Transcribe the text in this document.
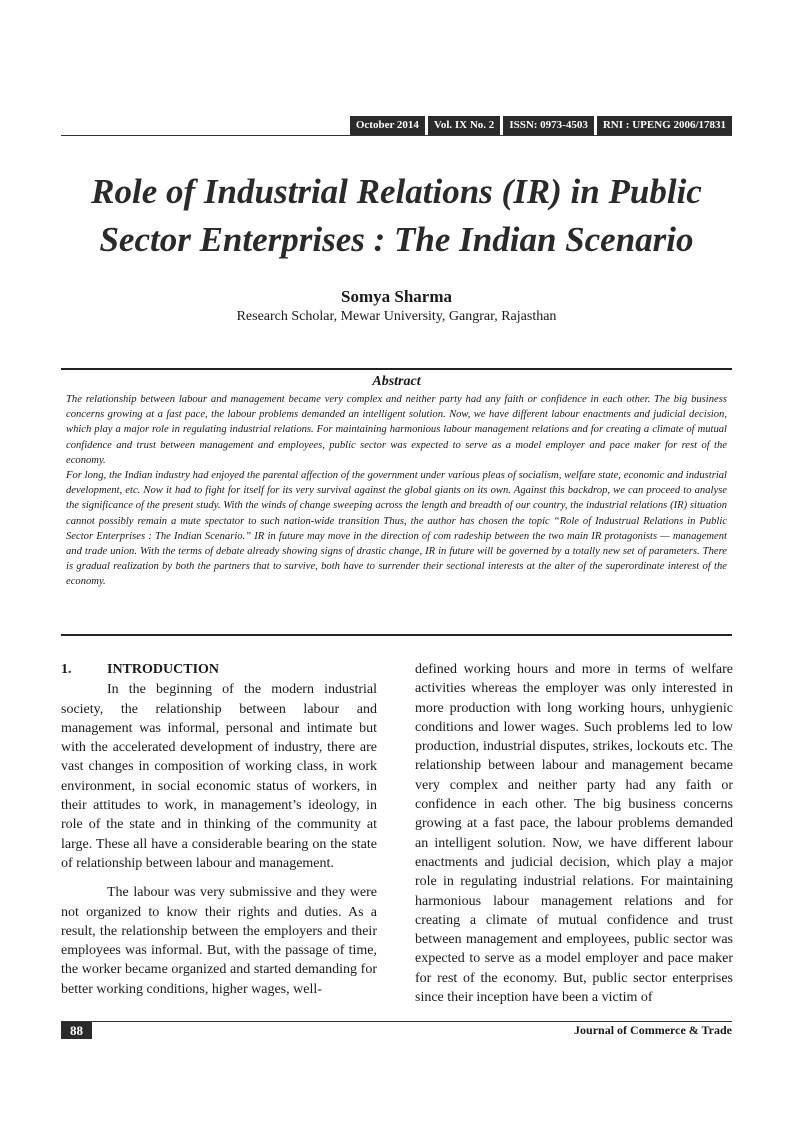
October 2014	Vol. IX No. 2	ISSN: 0973-4503	RNI : UPENG 2006/17831
Role of Industrial Relations (IR) in Public
Sector Enterprises : The Indian Scenario
Somya Sharma
Research Scholar, Mewar University, Gangrar, Rajasthan
Abstract

The relationship between labour and management became very complex and neither party had any faith or confidence in each other. The big business concerns growing at a fast pace, the labour problems demanded an intelligent solution. Now, we have different labour enactments and judicial decision, which play a major role in regulating industrial relations. For maintaining harmonious labour management relations and for creating a climate of mutual confidence and trust between management and employees, public sector was expected to serve as a model employer and pace maker for rest of the economy.

For long, the Indian industry had enjoyed the parental affection of the government under various pleas of socialism, welfare state, economic and industrial development, etc. Now it had to fight for itself for its very survival against the global giants on its own. Against this backdrop, we can proceed to analyse the significance of the present study. With the winds of change sweeping across the length and breadth of our country, the industrial relations (IR) situation cannot possibly remain a mute spectator to such nation-wide transition Thus, the author has chosen the topic “Role of Industrual Relations in Public Sector Enterprises : The Indian Scenario.” IR in future may move in the direction of com radeship between the two main IR protagonists — management and trade union. With the terms of debate already showing signs of drastic change, IR in future will be governed by a totally new set of parameters. There is gradual realization by both the partners that to survive, both have to surrender their sectional interests at the alter of the superordinate interest of the economy.

1.	INTRODUCTION

In the beginning of the modern industrial society, the relationship between labour and management was informal, personal and intimate but with the accelerated development of industry, there are vast changes in composition of working class, in work environment, in social economic status of workers, in their attitudes to work, in management’s ideology, in role of the state and in thinking of the community at large. These all have a considerable bearing on the state of relationship between labour and management.

The labour was very submissive and they were not organized to know their rights and duties. As a result, the relationship between the employers and their employees was informal. But, with the passage of time, the worker became organized and started demanding for better working conditions, higher wages, well-

defined working hours and more in terms of welfare activities whereas the employer was only interested in more production with long working hours, unhygienic conditions and lower wages. Such problems led to low production, industrial disputes, strikes, lockouts etc. The relationship between labour and management became very complex and neither party had any faith or confidence in each other. The big business concerns growing at a fast pace, the labour problems demanded an intelligent solution. Now, we have different labour enactments and judicial decision, which play a major role in regulating industrial relations. For maintaining harmonious labour management relations and for creating a climate of mutual confidence and trust between management and employees, public sector was expected to serve as a model employer and pace maker for rest of the economy. But, public sector enterprises since their inception have been a victim of

88	Journal of Commerce & Trade
